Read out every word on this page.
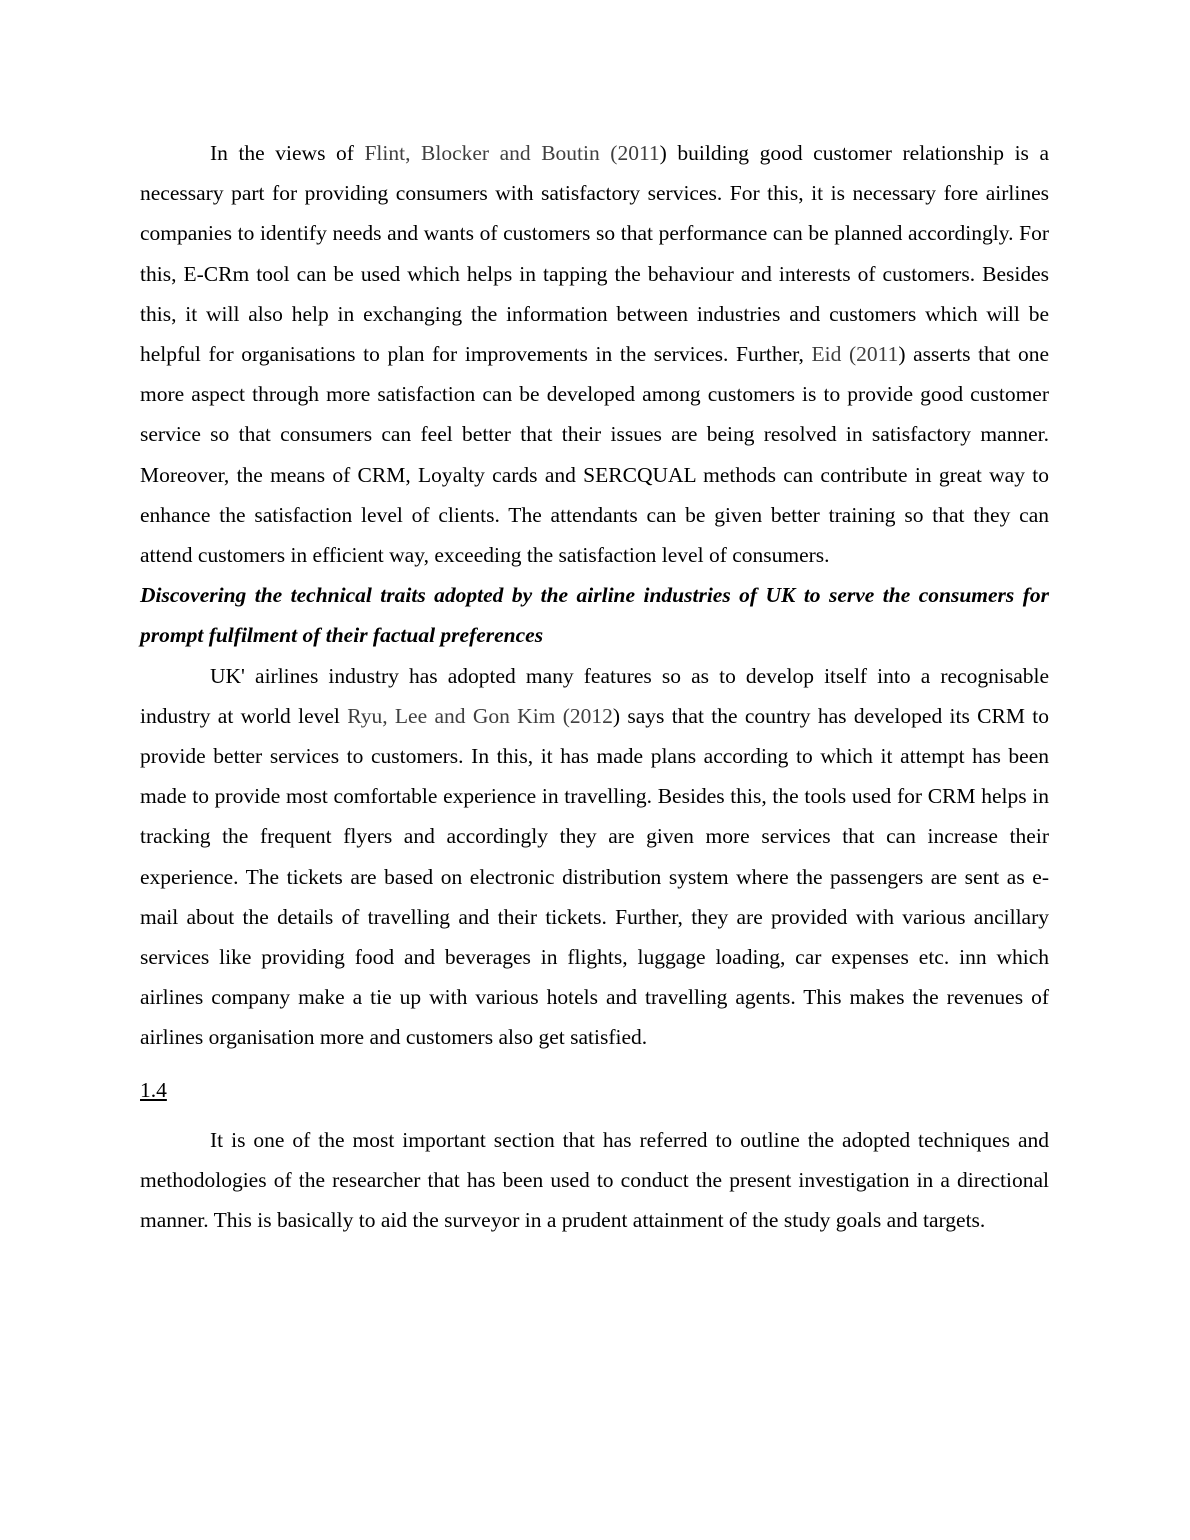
In the views of Flint, Blocker and Boutin (2011) building good customer relationship is a necessary part for providing consumers with satisfactory services. For this, it is necessary fore airlines companies to identify needs and wants of customers so that performance can be planned accordingly. For this, E-CRm tool can be used which helps in tapping the behaviour and interests of customers. Besides this, it will also help in exchanging the information between industries and customers which will be helpful for organisations to plan for improvements in the services. Further, Eid (2011) asserts that one more aspect through more satisfaction can be developed among customers is to provide good customer service so that consumers can feel better that their issues are being resolved in satisfactory manner. Moreover, the means of CRM, Loyalty cards and SERCQUAL methods can contribute in great way to enhance the satisfaction level of clients. The attendants can be given better training so that they can attend customers in efficient way, exceeding the satisfaction level of consumers.

Discovering the technical traits adopted by the airline industries of UK to serve the consumers for prompt fulfilment of their factual preferences

UK' airlines industry has adopted many features so as to develop itself into a recognisable industry at world level Ryu, Lee and Gon Kim (2012) says that the country has developed its CRM to provide better services to customers. In this, it has made plans according to which it attempt has been made to provide most comfortable experience in travelling. Besides this, the tools used for CRM helps in tracking the frequent flyers and accordingly they are given more services that can increase their experience. The tickets are based on electronic distribution system where the passengers are sent as e-mail about the details of travelling and their tickets. Further, they are provided with various ancillary services like providing food and beverages in flights, luggage loading, car expenses etc. inn which airlines company make a tie up with various hotels and travelling agents. This makes the revenues of airlines organisation more and customers also get satisfied.

1.4

It is one of the most important section that has referred to outline the adopted techniques and methodologies of the researcher that has been used to conduct the present investigation in a directional manner. This is basically to aid the surveyor in a prudent attainment of the study goals and targets.
